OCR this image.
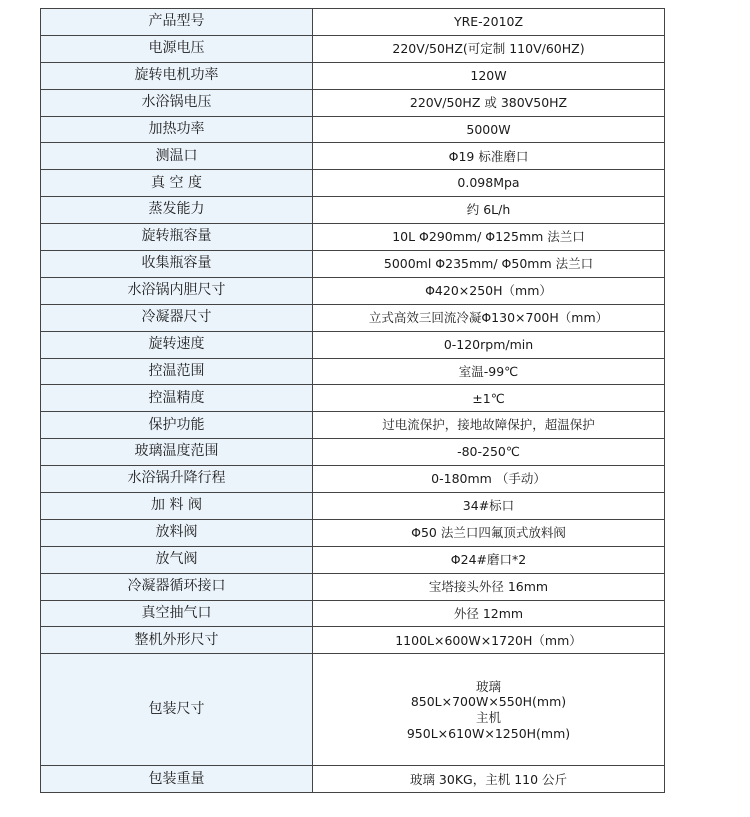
产品型号	YRE-2010Z
电源电压	220V/50HZ(可定制 110V/60HZ)
旋转电机功率	120W
水浴锅电压	220V/50HZ 或 380V50HZ
加热功率	5000W
测温口	Φ19 标准磨口
真 空 度	0.098Mpa
蒸发能力	约 6L/h
旋转瓶容量	10L Φ290mm/ Φ125mm 法兰口
收集瓶容量	5000ml Φ235mm/ Φ50mm 法兰口
水浴锅内胆尺寸	Φ420×250H（mm）
冷凝器尺寸	立式高效三回流冷凝Φ130×700H（mm）
旋转速度	0-120rpm/min
控温范围	室温-99℃
控温精度	±1℃
保护功能	过电流保护，接地故障保护，超温保护
玻璃温度范围	-80-250℃
水浴锅升降行程	0-180mm （手动）
加 料 阀	34#标口
放料阀	Φ50 法兰口四氟顶式放料阀
放气阀	Φ24#磨口*2
冷凝器循环接口	宝塔接头外径 16mm
真空抽气口	外径 12mm
整机外形尺寸	1100L×600W×1720H（mm）
包装尺寸	玻璃
850L×700W×550H(mm)
主机
950L×610W×1250H(mm)

包装重量	玻璃 30KG，主机 110 公斤
